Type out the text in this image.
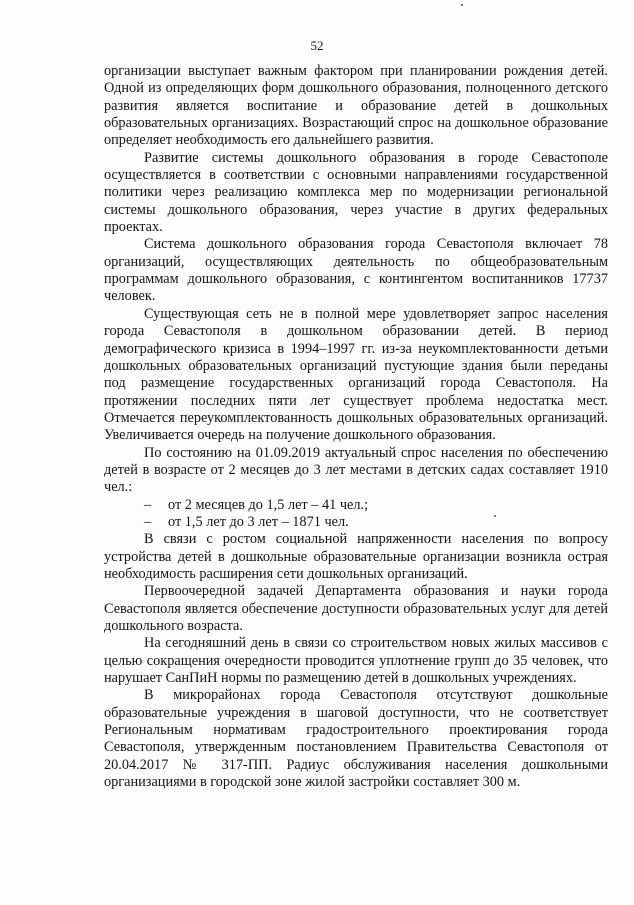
52

организации выступает важным фактором при планировании рождения детей. Одной из определяющих форм дошкольного образования, полноценного детского развития является воспитание и образование детей в дошкольных образовательных организациях. Возрастающий спрос на дошкольное образование определяет необходимость его дальнейшего развития.

Развитие системы дошкольного образования в городе Севастополе осуществляется в соответствии с основными направлениями государственной политики через реализацию комплекса мер по модернизации региональной системы дошкольного образования, через участие в других федеральных проектах.

Система дошкольного образования города Севастополя включает 78 организаций, осуществляющих деятельность по общеобразовательным программам дошкольного образования, с контингентом воспитанников 17737 человек.

Существующая сеть не в полной мере удовлетворяет запрос населения города Севастополя в дошкольном образовании детей. В период демографического кризиса в 1994–1997 гг. из-за неукомплектованности детьми дошкольных образовательных организаций пустующие здания были переданы под размещение государственных организаций города Севастополя. На протяжении последних пяти лет существует проблема недостатка мест. Отмечается переукомплектованность дошкольных образовательных организаций. Увеличивается очередь на получение дошкольного образования.

По состоянию на 01.09.2019 актуальный спрос населения по обеспечению детей в возрасте от 2 месяцев до 3 лет местами в детских садах составляет 1910 чел.:

– от 2 месяцев до 1,5 лет – 41 чел.;
– от 1,5 лет до 3 лет – 1871 чел.

В связи с ростом социальной напряженности населения по вопросу устройства детей в дошкольные образовательные организации возникла острая необходимость расширения сети дошкольных организаций.

Первоочередной задачей Департамента образования и науки города Севастополя является обеспечение доступности образовательных услуг для детей дошкольного возраста.

На сегодняшний день в связи со строительством новых жилых массивов с целью сокращения очередности проводится уплотнение групп до 35 человек, что нарушает СанПиН нормы по размещению детей в дошкольных учреждениях.

В микрорайонах города Севастополя отсутствуют дошкольные образовательные учреждения в шаговой доступности, что не соответствует Региональным нормативам градостроительного проектирования города Севастополя, утвержденным постановлением Правительства Севастополя от 20.04.2017 № 317-ПП. Радиус обслуживания населения дошкольными организациями в городской зоне жилой застройки составляет 300 м.
